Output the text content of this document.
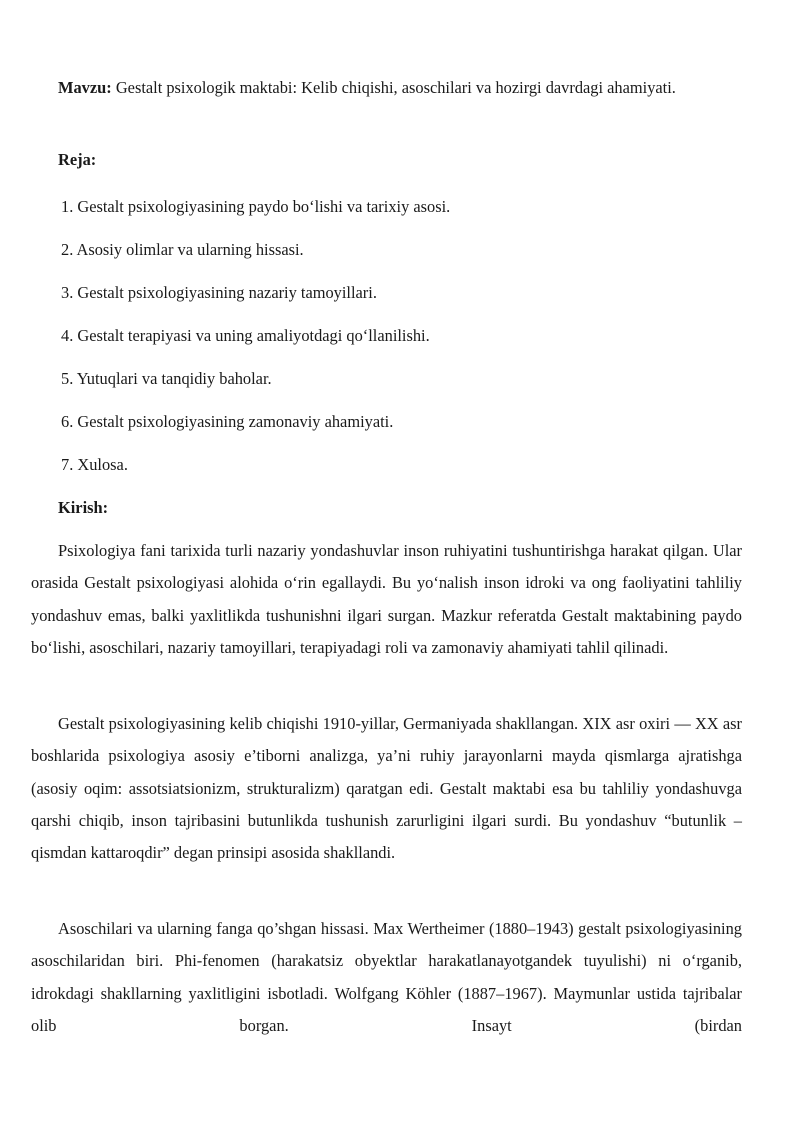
Mavzu: Gestalt psixologik maktabi: Kelib chiqishi, asoschilari va hozirgi davrdagi ahamiyati.
Reja:
1. Gestalt psixologiyasining paydo bo‘lishi va tarixiy asosi.
2. Asosiy olimlar va ularning hissasi.
3. Gestalt psixologiyasining nazariy tamoyillari.
4. Gestalt terapiyasi va uning amaliyotdagi qo‘llanilishi.
5. Yutuqlari va tanqidiy baholar.
6. Gestalt psixologiyasining zamonaviy ahamiyati.
7. Xulosa.
Kirish:
Psixologiya fani tarixida turli nazariy yondashuvlar inson ruhiyatini tushuntirishga harakat qilgan. Ular orasida Gestalt psixologiyasi alohida o‘rin egallaydi. Bu yo‘nalish inson idroki va ong faoliyatini tahliliy yondashuv emas, balki yaxlitlikda tushunishni ilgari surgan. Mazkur referatda Gestalt maktabining paydo bo‘lishi, asoschilari, nazariy tamoyillari, terapiyadagi roli va zamonaviy ahamiyati tahlil qilinadi.
Gestalt psixologiyasining kelib chiqishi 1910-yillar, Germaniyada shakllangan. XIX asr oxiri — XX asr boshlarida psixologiya asosiy e’tiborni analizga, ya’ni ruhiy jarayonlarni mayda qismlarga ajratishga (asosiy oqim: assotsiatsionizm, strukturalizm) qaratgan edi. Gestalt maktabi esa bu tahliliy yondashuvga qarshi chiqib, inson tajribasini butunlikda tushunish zarurligini ilgari surdi. Bu yondashuv “butunlik – qismdan kattaroqdir” degan prinsipi asosida shakllandi.
Asoschilari va ularning fanga qo’shgan hissasi. Max Wertheimer (1880–1943) gestalt psixologiyasining asoschilaridan biri. Phi-fenomen (harakatsiz obyektlar harakatlanayotgandek tuyulishi) ni o‘rganib, idrokdagi shakllarning yaxlitligini isbotladi. Wolfgang Köhler (1887–1967). Maymunlar ustida tajribalar olib borgan. Insayt (birdan
